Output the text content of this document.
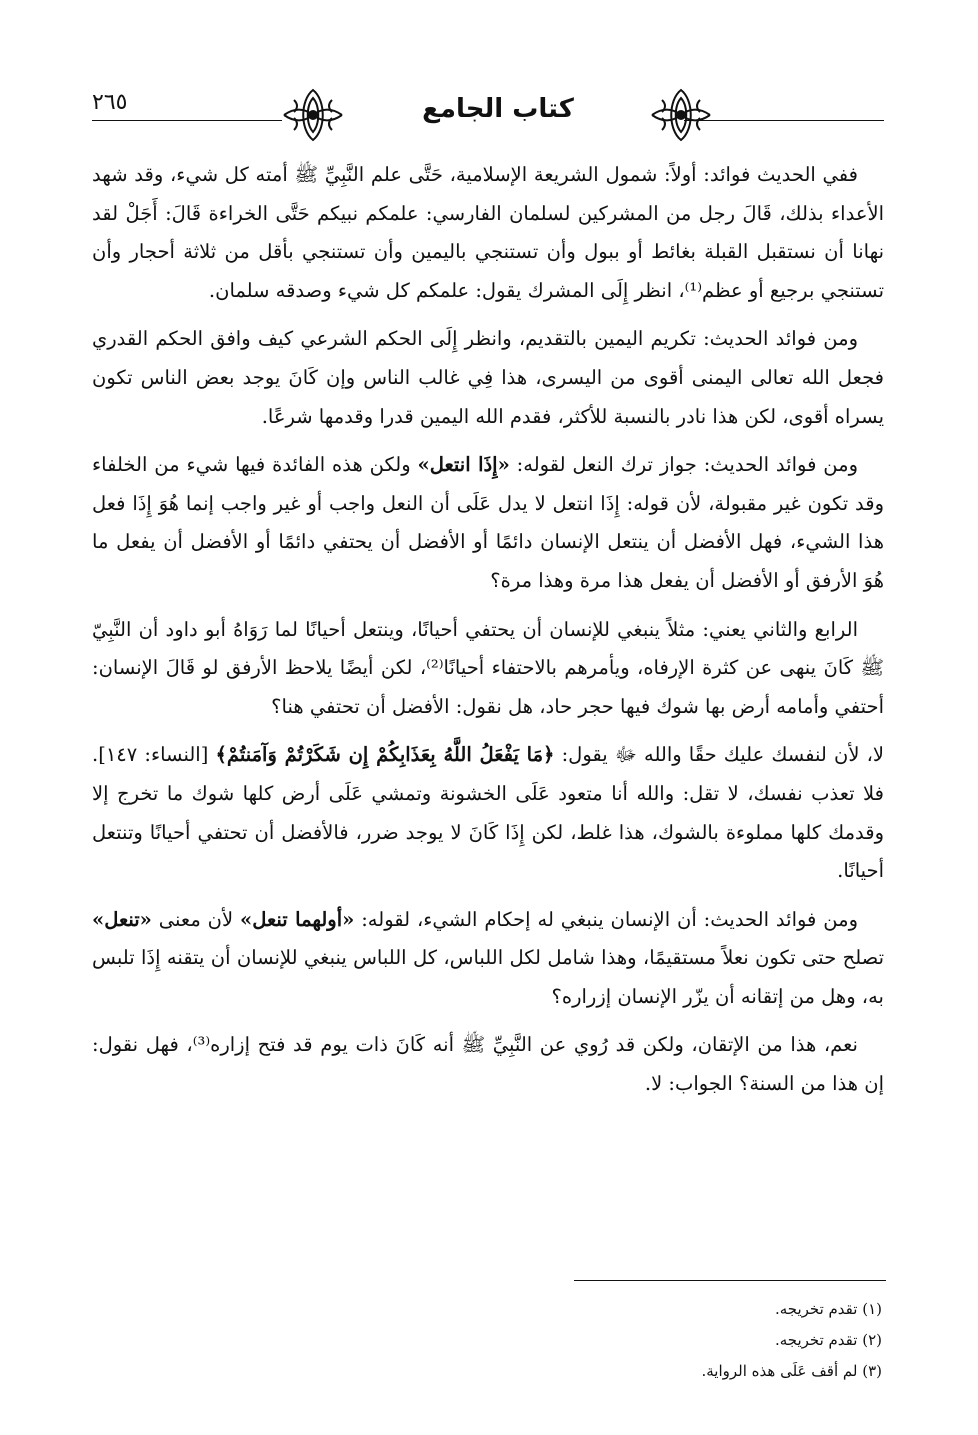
٢٦٥	كتاب الجامع

ففي الحديث فوائد: أولاً: شمول الشريعة الإسلامية، حَتَّى علم النَّبِيِّ ﷺ أمته كل شيء، وقد شهد الأعداء بذلك، قَالَ رجل من المشركين لسلمان الفارسي: علمكم نبيكم حَتَّى الخراءة قَالَ: أَجَلْ لقد نهانا أن نستقبل القبلة بغائط أو ببول وأن تستنجي باليمين وأن تستنجي بأقل من ثلاثة أحجار وأن تستنجي برجيع أو عظم⁽¹⁾، انظر إِلَى المشرك يقول: علمكم كل شيء وصدقه سلمان.

ومن فوائد الحديث: تكريم اليمين بالتقديم، وانظر إِلَى الحكم الشرعي كيف وافق الحكم القدري فجعل الله تعالى اليمنى أقوى من اليسرى، هذا فِي غالب الناس وإن كَانَ يوجد بعض الناس تكون يسراه أقوى، لكن هذا نادر بالنسبة للأكثر، فقدم الله اليمين قدرا وقدمها شرعًا.

ومن فوائد الحديث: جواز ترك النعل لقوله: «إِذَا انتعل» ولكن هذه الفائدة فيها شيء من الخلفاء وقد تكون غير مقبولة، لأن قوله: إِذَا انتعل لا يدل عَلَى أن النعل واجب أو غير واجب إنما هُوَ إِذَا فعل هذا الشيء، فهل الأفضل أن ينتعل الإنسان دائمًا أو الأفضل أن يحتفي دائمًا أو الأفضل أن يفعل ما هُوَ الأرفق أو الأفضل أن يفعل هذا مرة وهذا مرة؟

الرابع والثاني يعني: مثلاً ينبغي للإنسان أن يحتفي أحيانًا، وينتعل أحيانًا لما رَوَاهُ أبو داود أن النَّبِيّ ﷺ كَانَ ينهى عن كثرة الإرفاه، ويأمرهم بالاحتفاء أحيانًا⁽²⁾، لكن أيضًا يلاحظ الأرفق لو قَالَ الإنسان: أحتفي وأمامه أرض بها شوك فيها حجر حاد، هل نقول: الأفضل أن تحتفي هنا؟

لا، لأن لنفسك عليك حقًا والله ﷻ يقول: ﴿مَا يَفْعَلُ اللَّهُ بِعَذَابِكُمْ إِن شَكَرْتُمْ وَآمَنتُمْ﴾ [النساء: ١٤٧]. فلا تعذب نفسك، لا تقل: والله أنا متعود عَلَى الخشونة وتمشي عَلَى أرض كلها شوك ما تخرج إلا وقدمك كلها مملوءة بالشوك، هذا غلط، لكن إِذَا كَانَ لا يوجد ضرر، فالأفضل أن تحتفي أحيانًا وتنتعل أحيانًا.

ومن فوائد الحديث: أن الإنسان ينبغي له إحكام الشيء، لقوله: «أولهما تنعل» لأن معنى «تنعل» تصلح حتى تكون نعلاً مستقيمًا، وهذا شامل لكل اللباس، كل اللباس ينبغي للإنسان أن يتقنه إِذَا تلبس به، وهل من إتقانه أن يزّر الإنسان إزراره؟

نعم، هذا من الإتقان، ولكن قد رُوي عن النَّبِيِّ ﷺ أنه كَانَ ذات يوم قد فتح إزاره⁽³⁾، فهل نقول: إن هذا من السنة؟ الجواب: لا.

(١) تقدم تخريجه.
(٢) تقدم تخريجه.
(٣) لم أقف عَلَى هذه الرواية.
